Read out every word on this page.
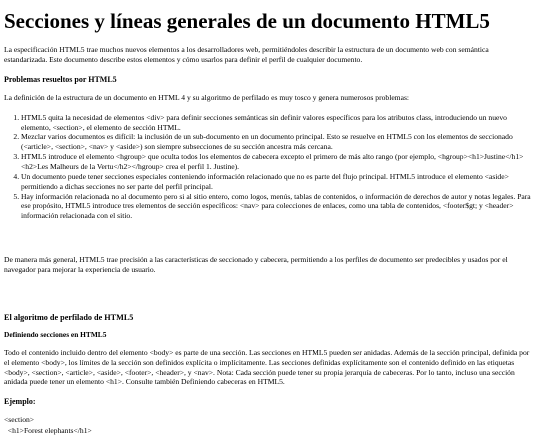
Secciones y líneas generales de un documento HTML5

La especificación HTML5 trae muchos nuevos elementos a los desarrolladores web, permitiéndoles describir la estructura de un documento web con semántica estandarizada. Este documento describe estos elementos y cómo usarlos para definir el perfil de cualquier documento.

Problemas resueltos por HTML5

La definición de la estructura de un documento en HTML 4 y su algoritmo de perfilado es muy tosco y genera numerosos problemas:

1. HTML5 quita la necesidad de elementos <div> para definir secciones semánticas sin definir valores específicos para los atributos class, introduciendo un nuevo elemento, <section>, el elemento de sección HTML.
2. Mezclar varios documentos es difícil: la inclusión de un sub-documento en un documento principal. Esto se resuelve en HTML5 con los elementos de seccionado (<article>, <section>, <nav> y <aside>) son siempre subsecciones de su sección ancestra más cercana.
3. HTML5 introduce el elemento <hgroup> que oculta todos los elementos de cabecera excepto el primero de más alto rango (por ejemplo, <hgroup><h1>Justine</h1><h2>Les Malheurs de la Vertu</h2></hgroup> crea el perfil 1. Justine).
4. Un documento puede tener secciones especiales conteniendo información relacionado que no es parte del flujo principal. HTML5 introduce el elemento <aside> permitiendo a dichas secciones no ser parte del perfil principal.
5. Hay información relacionada no al documento pero si al sitio entero, como logos, menús, tablas de contenidos, o información de derechos de autor y notas legales. Para ese propósito, HTML5 introduce tres elementos de sección específicos: <nav> para colecciones de enlaces, como una tabla de contenidos, <footer$gt; y <header> información relacionada con el sitio.

De manera más general, HTML5 trae precisión a las características de seccionado y cabecera, permitiendo a los perfiles de documento ser predecibles y usados por el navegador para mejorar la experiencia de usuario.

El algoritmo de perfilado de HTML5
Definiendo secciones en HTML5

Todo el contenido incluido dentro del elemento <body> es parte de una sección. Las secciones en HTML5 pueden ser anidadas. Además de la sección principal, definida por el elemento <body>, los límites de la sección son definidos explícita o implícitamente. Las secciones definidas explícitamente son el contenido definido en las etiquetas <body>, <section>, <article>, <aside>, <footer>, <header>, y <nav>. Nota: Cada sección puede tener su propia jerarquía de cabeceras. Por lo tanto, incluso una sección anidada puede tener un elemento <h1>. Consulte también Definiendo cabeceras en HTML5.

Ejemplo:
<section>
<h1>Forest elephants</h1>
